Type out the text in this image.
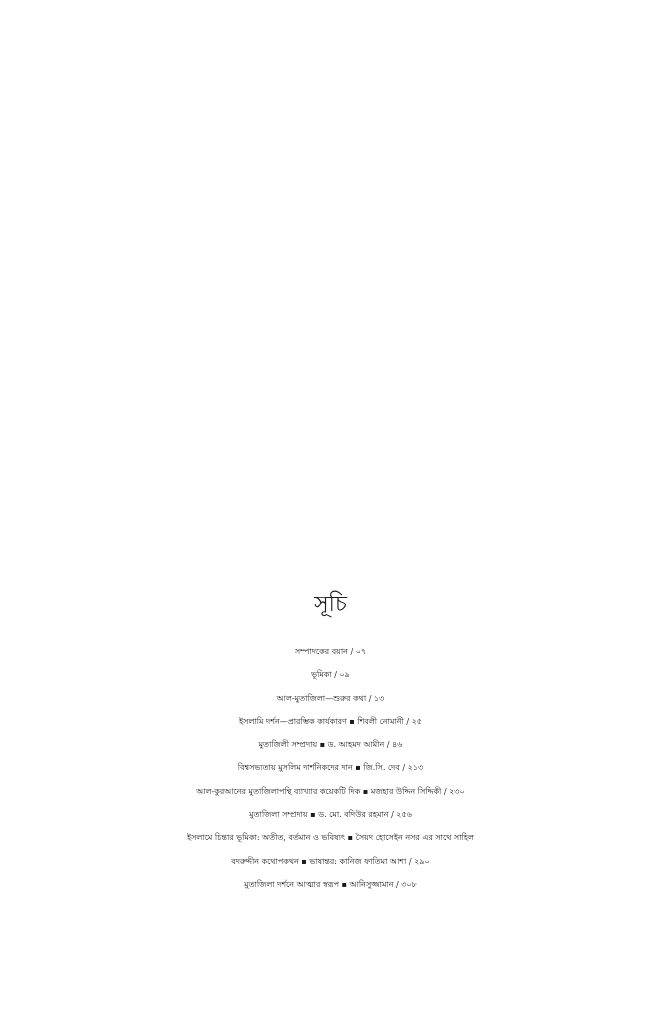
সূচি
সম্পাদকের বয়ান / ০৭
ভূমিকা / ০৯
আল-মুতাজিলা—শুরুর কথা / ১৩
ইসলামি দর্শন—প্রারম্ভিক কার্যকারণ ▪ শিবলী নোমানী / ২৫
মুতাজিলী সম্প্রদায় ▪ ড. আহমদ আমীন / ৪৬
বিশ্বসভ্যতায় মুসলিম দার্শনিকদের দান ▪ জি.সি. দেব / ২১৩
আল-কুরআনের মুতাজিলাপন্থি ব্যাখ্যার কয়েকটি দিক ▪ মজহার উদ্দিন সিদ্দিকী / ২৩০
মুতাজিলা সম্প্রদায় ▪ ড. মো. বদিউর রহমান / ২৫৬
ইসলামে চিন্তার ভূমিকা: অতীত, বর্তমান ও ভবিষ্যৎ ▪ সৈয়দ হোসেইন নসর এর সাথে সাহিল
বদরুদ্দীন কথোপকথন ▪ ভাষান্তর: কানিজ ফাতিমা আশা / ২৯০
মুতাজিলা দর্শনে আত্মার স্বরূপ ▪ আনিসুজ্জামান / ৩০৮
